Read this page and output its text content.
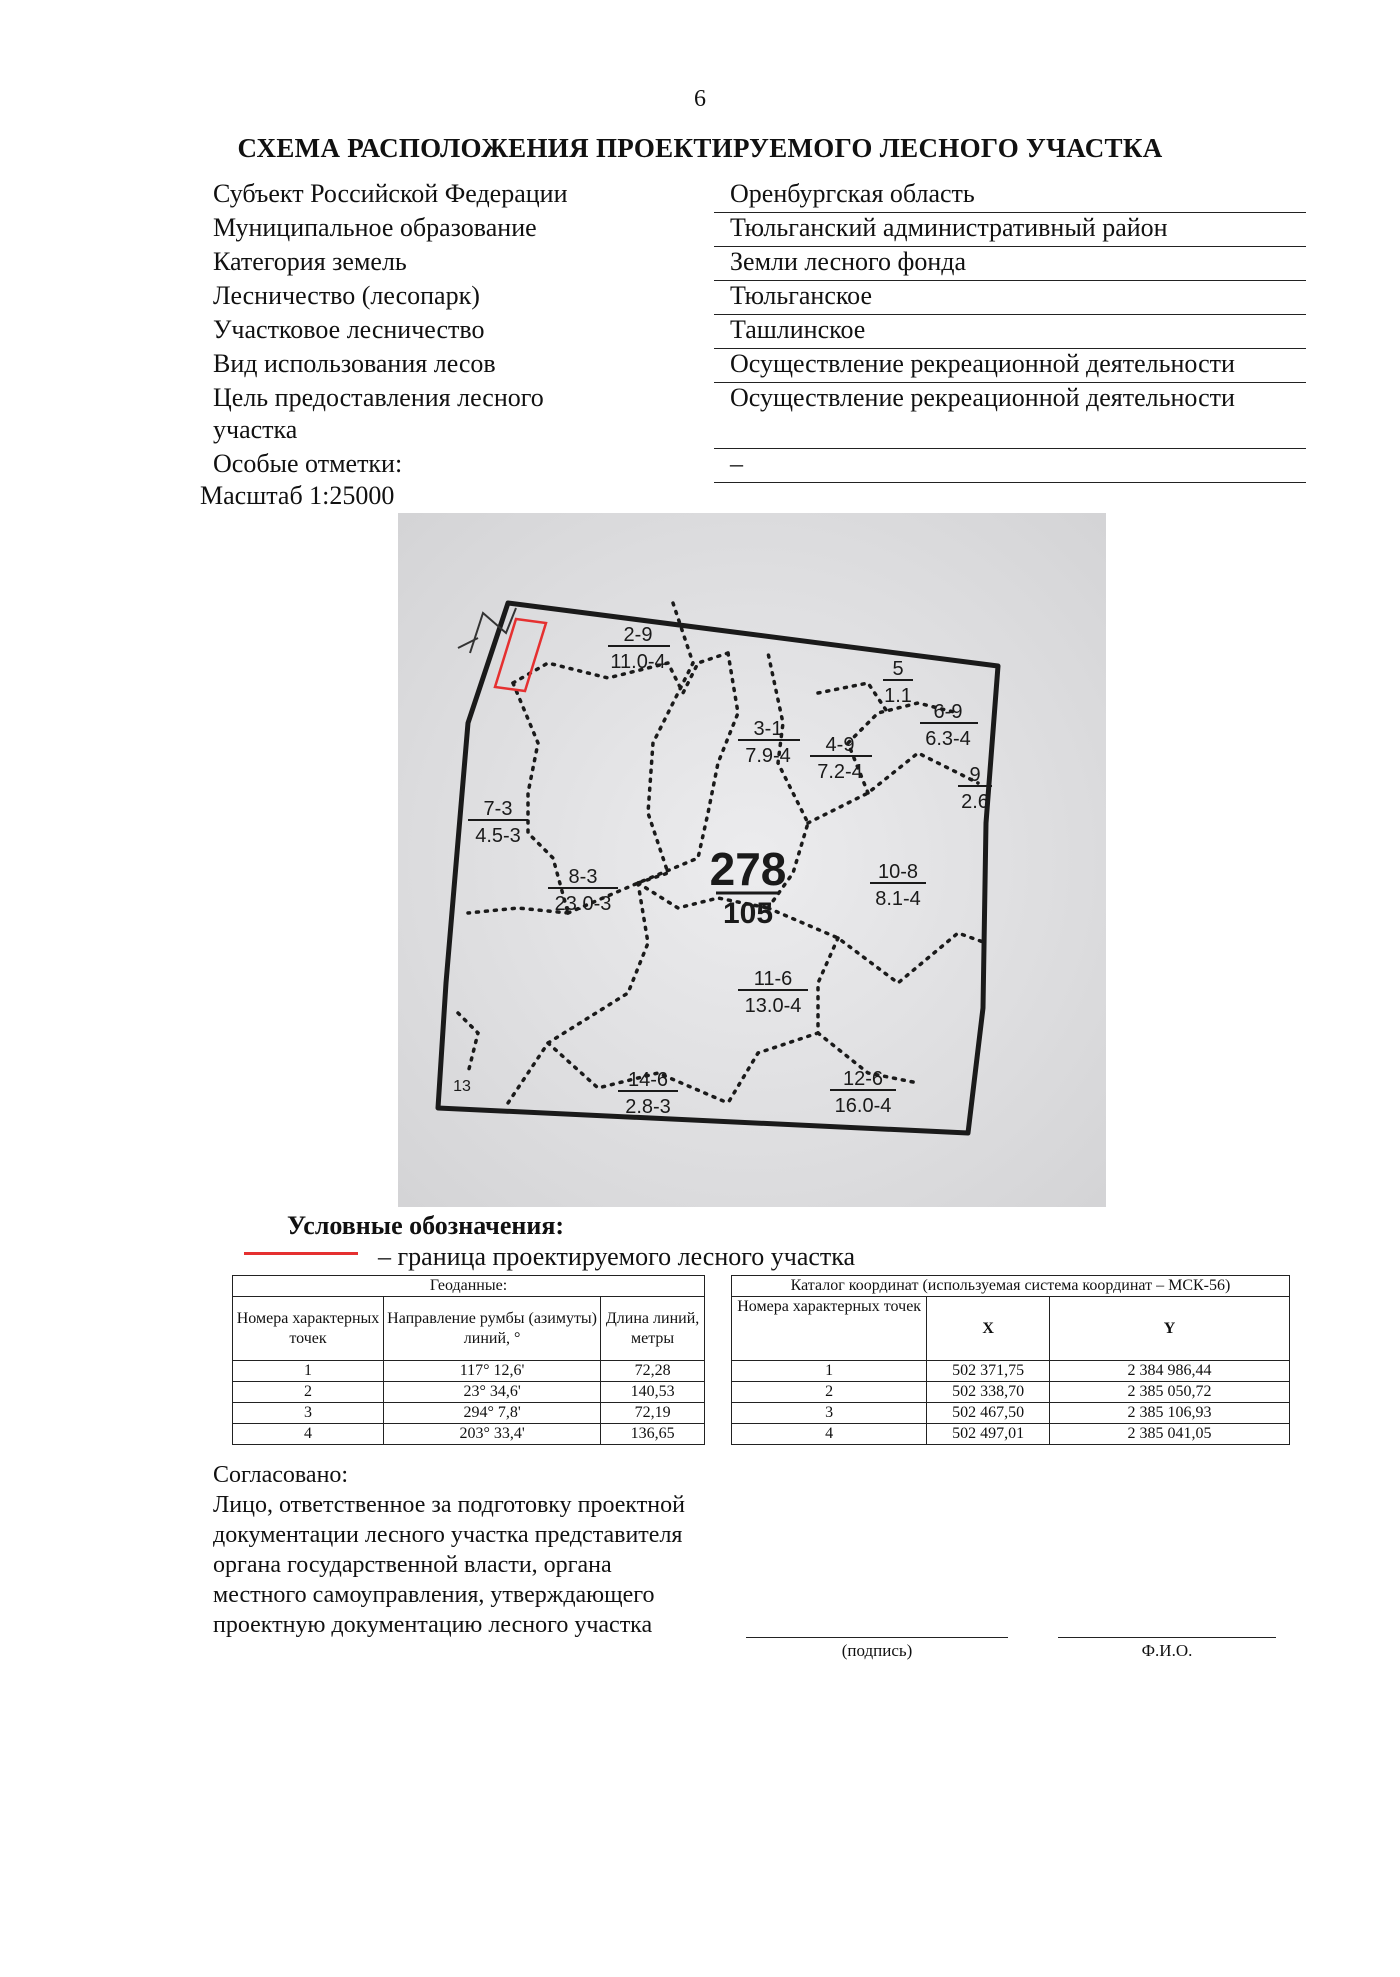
6
СХЕМА РАСПОЛОЖЕНИЯ ПРОЕКТИРУЕМОГО ЛЕСНОГО УЧАСТКА
Субъект Российской Федерации	Оренбургская область
Муниципальное образование	Тюльганский административный район
Категория земель	Земли лесного фонда
Лесничество (лесопарк)	Тюльганское
Участковое лесничество	Ташлинское
Вид использования лесов	Осуществление рекреационной деятельности
Цель предоставления лесного
участка
Осуществление рекреационной деятельности
Особые отметки:	–
Масштаб 1:25000
2-9
11.0-4
3-1
7.9-4 4-9
7.2-4
5
1.1
6-9
6.3-4
9
2.6
7-3
4.5-3
8-3
23.0-3
10-8
8.1-4
11-6
13.0-4
12-6
16.0-4
14-6
2.8-3
13
278
105
Условные обозначения:
– граница проектируемого лесного участка
Геоданные:		
Номера характерных точек	Направление румбы (азимуты) линий, °	Длина линий, метры
1	117° 12,6'	72,28
2	23° 34,6'	140,53
3	294° 7,8'	72,19
4	203° 33,4'	136,65
Каталог координат (используемая система координат – МСК-56)		
Номера характерных точек	X	Y
1	502 371,75	2 384 986,44
2	502 338,70	2 385 050,72
3	502 467,50	2 385 106,93
4	502 497,01	2 385 041,05
Согласовано:
Лицо, ответственное за подготовку проектной
документации лесного участка представителя
органа государственной власти, органа
местного самоуправления, утверждающего
проектную документацию лесного участка
(подпись)	Ф.И.О.
